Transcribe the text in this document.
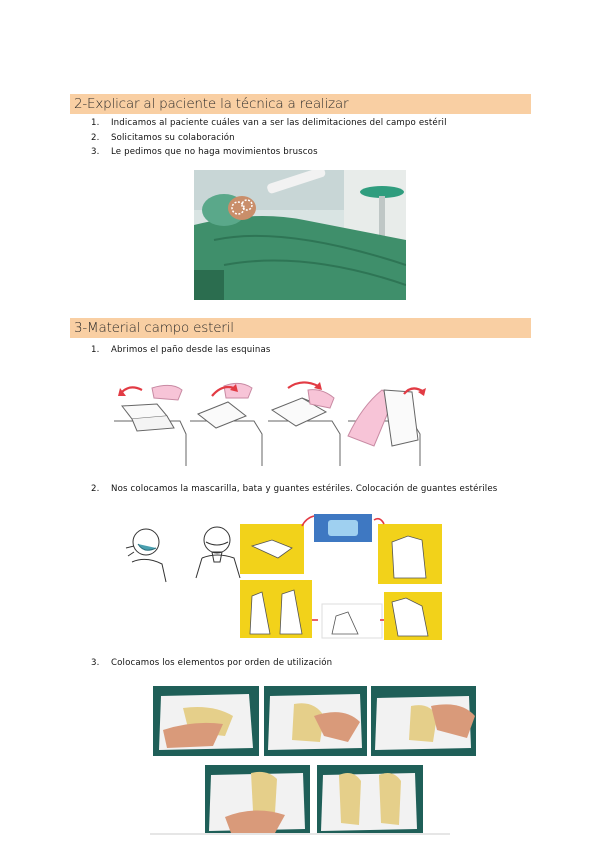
2-Explicar al paciente la técnica a realizar
1. Indicamos al paciente cuáles van a ser las delimitaciones del campo estéril
2. Solicitamos su colaboración
3. Le pedimos que no haga movimientos bruscos
3-Material campo esteril
1. Abrimos el paño desde las esquinas
2. Nos colocamos la mascarilla, bata y guantes estériles. Colocación de guantes estériles
3. Colocamos los elementos por orden de utilización
